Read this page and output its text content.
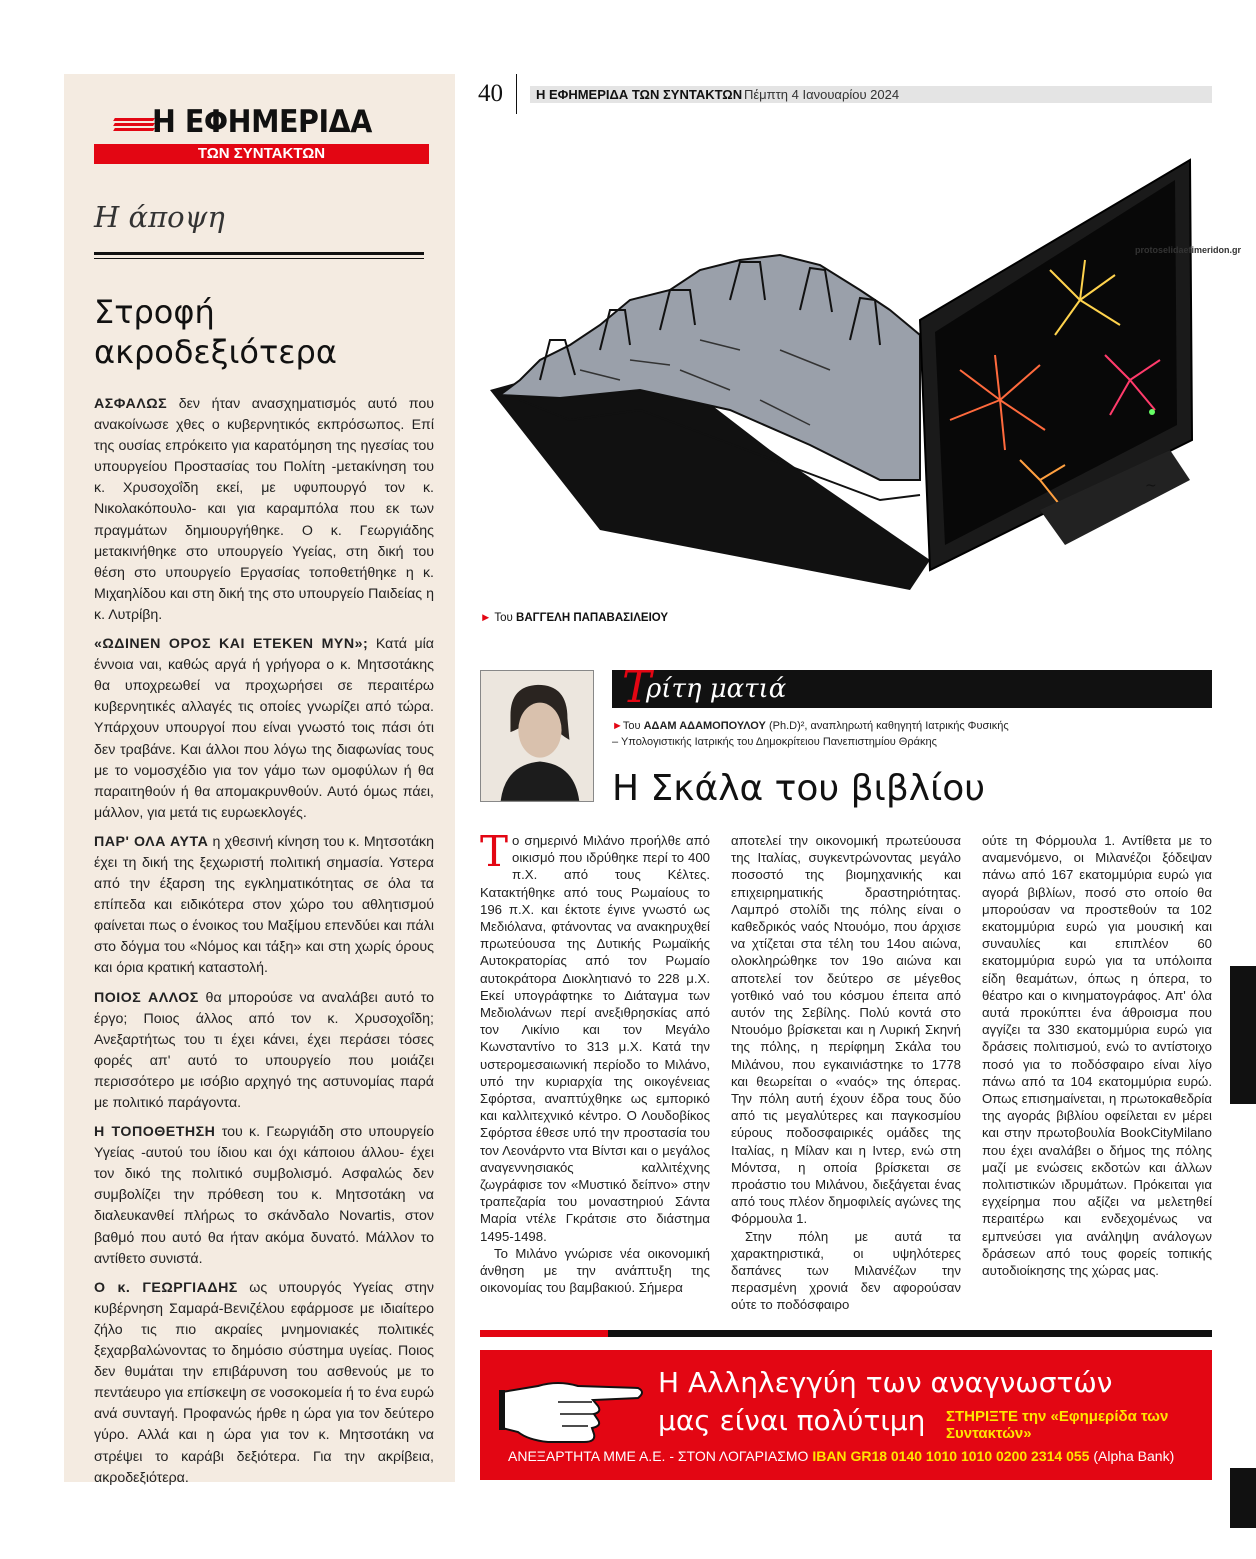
Η ΕΦΗΜΕΡΙΔΑ
ΤΩΝ ΣΥΝΤΑΚΤΩΝ
Η άποψη
Στροφή
ακροδεξιότερα

ΑΣΦΑΛΩΣ δεν ήταν ανασχηματισμός αυτό που ανακοίνωσε χθες ο κυβερνητικός εκπρόσωπος. Επί της ουσίας επρόκειτο για καρατόμηση της ηγεσίας του υπουργείου Προστασίας του Πολίτη -μετακίνηση του κ. Χρυσοχοΐδη εκεί, με υφυπουργό τον κ. Νικολακόπουλο- και για καραμπόλα που εκ των πραγμάτων δημιουργήθηκε. Ο κ. Γεωργιάδης μετακινήθηκε στο υπουργείο Υγείας, στη δική του θέση στο υπουργείο Εργασίας τοποθετήθηκε η κ. Μιχαηλίδου και στη δική της στο υπουργείο Παιδείας η κ. Λυτρίβη.

«ΩΔΙΝΕΝ ΟΡΟΣ ΚΑΙ ΕΤΕΚΕΝ ΜΥΝ»; Κατά μία έννοια ναι, καθώς αργά ή γρήγορα ο κ. Μητσοτάκης θα υποχρεωθεί να προχωρήσει σε περαιτέρω κυβερνητικές αλλαγές τις οποίες γνωρίζει από τώρα. Υπάρχουν υπουργοί που είναι γνωστό τοις πάσι ότι δεν τραβάνε. Και άλλοι που λόγω της διαφωνίας τους με το νομοσχέδιο για τον γάμο των ομοφύλων ή θα παραιτηθούν ή θα απομακρυνθούν. Αυτό όμως πάει, μάλλον, για μετά τις ευρωεκλογές.

ΠΑΡ' ΟΛΑ ΑΥΤΑ η χθεσινή κίνηση του κ. Μητσοτάκη έχει τη δική της ξεχωριστή πολιτική σημασία. Υστερα από την έξαρση της εγκληματικότητας σε όλα τα επίπεδα και ειδικότερα στον χώρο του αθλητισμού φαίνεται πως ο ένοικος του Μαξίμου επενδύει και πάλι στο δόγμα του «Νόμος και τάξη» και στη χωρίς όρους και όρια κρατική καταστολή.

ΠΟΙΟΣ ΑΛΛΟΣ θα μπορούσε να αναλάβει αυτό το έργο; Ποιος άλλος από τον κ. Χρυσοχοΐδη; Ανεξαρτήτως του τι έχει κάνει, έχει περάσει τόσες φορές απ' αυτό το υπουργείο που μοιάζει περισσότερο με ισόβιο αρχηγό της αστυνομίας παρά με πολιτικό παράγοντα.

Η ΤΟΠΟΘΕΤΗΣΗ του κ. Γεωργιάδη στο υπουργείο Υγείας -αυτού του ίδιου και όχι κάποιου άλλου- έχει τον δικό της πολιτικό συμβολισμό. Ασφαλώς δεν συμβολίζει την πρόθεση του κ. Μητσοτάκη να διαλευκανθεί πλήρως το σκάνδαλο Novartis, στον βαθμό που αυτό θα ήταν ακόμα δυνατό. Μάλλον το αντίθετο συνιστά.

Ο κ. ΓΕΩΡΓΙΑΔΗΣ ως υπουργός Υγείας στην κυβέρνηση Σαμαρά-Βενιζέλου εφάρμοσε με ιδιαίτερο ζήλο τις πιο ακραίες μνημονιακές πολιτικές ξεχαρβαλώνοντας το δημόσιο σύστημα υγείας. Ποιος δεν θυμάται την επιβάρυνση του ασθενούς με το πεντάευρο για επίσκεψη σε νοσοκομεία ή το ένα ευρώ ανά συνταγή. Προφανώς ήρθε η ώρα για τον δεύτερο γύρο. Αλλά και η ώρα για τον κ. Μητσοτάκη να στρέψει το καράβι δεξιότερα. Για την ακρίβεια, ακροδεξιότερα.

40	Η ΕΦΗΜΕΡΙΔΑ ΤΩΝ ΣΥΝΤΑΚΤΩΝ Πέμπτη 4 Ιανουαρίου 2024
~
protoselidaefimeridon.gr
► Του ΒΑΓΓΕΛΗ ΠΑΠΑΒΑΣΙΛΕΙΟΥ
Τ
ρίτη ματιά
►Του ΑΔΑΜ ΑΔΑΜΟΠΟΥΛΟΥ (Ph.D)², αναπληρωτή καθηγητή Ιατρικής Φυσικής
– Υπολογιστικής Ιατρικής του Δημοκρίτειου Πανεπιστημίου Θράκης
Η Σκάλα του βιβλίου

Το σημερινό Μιλάνο προήλθε από οικισμό που ιδρύθηκε περί το 400 π.Χ. από τους Κέλτες. Κατακτήθηκε από τους Ρωμαίους το 196 π.Χ. και έκτοτε έγινε γνωστό ως Μεδιόλανα, φτάνοντας να ανακηρυχθεί πρωτεύουσα της Δυτικής Ρωμαϊκής Αυτοκρατορίας από τον Ρωμαίο αυτοκράτορα Διοκλητιανό το 228 μ.Χ. Εκεί υπογράφτηκε το Διάταγμα των Μεδιολάνων περί ανεξιθρησκίας από τον Λικίνιο και τον Μεγάλο Κωνσταντίνο το 313 μ.Χ. Κατά την υστερομεσαιωνική περίοδο το Μιλάνο, υπό την κυριαρχία της οικογένειας Σφόρτσα, αναπτύχθηκε ως εμπορικό και καλλιτεχνικό κέντρο. Ο Λουδοβίκος Σφόρτσα έθεσε υπό την προστασία του τον Λεονάρντο ντα Βίντσι και ο μεγάλος αναγεννησιακός καλλιτέχνης ζωγράφισε τον «Μυστικό δείπνο» στην τραπεζαρία του μοναστηριού Σάντα Μαρία ντέλε Γκράτσιε στο διάστημα 1495-1498.

Το Μιλάνο γνώρισε νέα οικονομική άνθηση με την ανάπτυξη της οικονομίας του βαμβακιού. Σήμερα

αποτελεί την οικονομική πρωτεύουσα της Ιταλίας, συγκεντρώνοντας μεγάλο ποσοστό της βιομηχανικής και επιχειρηματικής δραστηριότητας. Λαμπρό στολίδι της πόλης είναι ο καθεδρικός ναός Ντουόμο, που άρχισε να χτίζεται στα τέλη του 14ου αιώνα, ολοκληρώθηκε τον 19ο αιώνα και αποτελεί τον δεύτερο σε μέγεθος γοτθικό ναό του κόσμου έπειτα από αυτόν της Σεβίλης. Πολύ κοντά στο Ντουόμο βρίσκεται και η Λυρική Σκηνή της πόλης, η περίφημη Σκάλα του Μιλάνου, που εγκαινιάστηκε το 1778 και θεωρείται ο «ναός» της όπερας. Την πόλη αυτή έχουν έδρα τους δύο από τις μεγαλύτερες και παγκοσμίου εύρους ποδοσφαιρικές ομάδες της Ιταλίας, η Μίλαν και η Ιντερ, ενώ στη Μόντσα, η οποία βρίσκεται σε προάστιο του Μιλάνου, διεξάγεται ένας από τους πλέον δημοφιλείς αγώνες της Φόρμουλα 1.

Στην πόλη με αυτά τα χαρακτηριστικά, οι υψηλότερες δαπάνες των Μιλανέζων την περασμένη χρονιά δεν αφορούσαν ούτε το ποδόσφαιρο

ούτε τη Φόρμουλα 1. Αντίθετα με το αναμενόμενο, οι Μιλανέζοι ξόδεψαν πάνω από 167 εκατομμύρια ευρώ για αγορά βιβλίων, ποσό στο οποίο θα μπορούσαν να προστεθούν τα 102 εκατομμύρια ευρώ για μουσική και συναυλίες και επιπλέον 60 εκατομμύρια ευρώ για τα υπόλοιπα είδη θεαμάτων, όπως η όπερα, το θέατρο και ο κινηματογράφος. Απ' όλα αυτά προκύπτει ένα άθροισμα που αγγίζει τα 330 εκατομμύρια ευρώ για δράσεις πολιτισμού, ενώ το αντίστοιχο ποσό για το ποδόσφαιρο είναι λίγο πάνω από τα 104 εκατομμύρια ευρώ. Οπως επισημαίνεται, η πρωτοκαθεδρία της αγοράς βιβλίου οφείλεται εν μέρει και στην πρωτοβουλία BookCityMilano που έχει αναλάβει ο δήμος της πόλης μαζί με ενώσεις εκδοτών και άλλων πολιτιστικών ιδρυμάτων. Πρόκειται για εγχείρημα που αξίζει να μελετηθεί περαιτέρω και ενδεχομένως να εμπνεύσει για ανάληψη ανάλογων δράσεων από τους φορείς τοπικής αυτοδιοίκησης της χώρας μας.

Η Αλληλεγγύη των αναγνωστών
μας είναι πολύτιμη ΣΤΗΡΙΞΤΕ την «Εφημερίδα των Συντακτών»
ΑΝΕΞΑΡΤΗΤΑ ΜΜΕ Α.Ε. - ΣΤΟΝ ΛΟΓΑΡΙΑΣΜΟ IBAN GR18 0140 1010 1010 0200 2314 055 (Alpha Bank)
